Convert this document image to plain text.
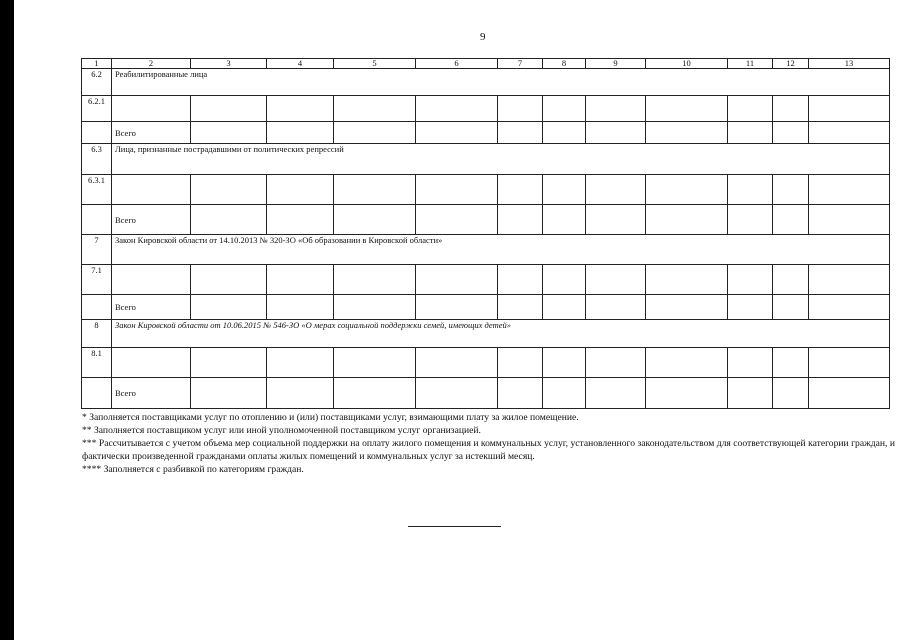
9
1	2	3	4	5	6	7	8	9	10	11	12	13
6.2	Реабилитированные лица											
6.2.1												
	Всего											
6.3	Лица, признанные пострадавшими от политических репрессий											
6.3.1												
	Всего											
7	Закон Кировской области от 14.10.2013 № 320-ЗО «Об образовании в Кировской области»											
7.1												
	Всего											
8	Закон Кировской области от 10.06.2015 № 546-ЗО «О мерах социальной поддержки семей, имеющих детей»											
8.1												
	Всего											

* Заполняется поставщиками услуг по отоплению и (или) поставщиками услуг, взимающими плату за жилое помещение.

** Заполняется поставщиком услуг или иной уполномоченной поставщиком услуг организацией.

*** Рассчитывается с учетом объема мер социальной поддержки на оплату жилого помещения и коммунальных услуг, установленного законодательством для соответствующей категории граждан, и фактически произведенной гражданами оплаты жилых помещений и коммунальных услуг за истекший месяц.

**** Заполняется с разбивкой по категориям граждан.
